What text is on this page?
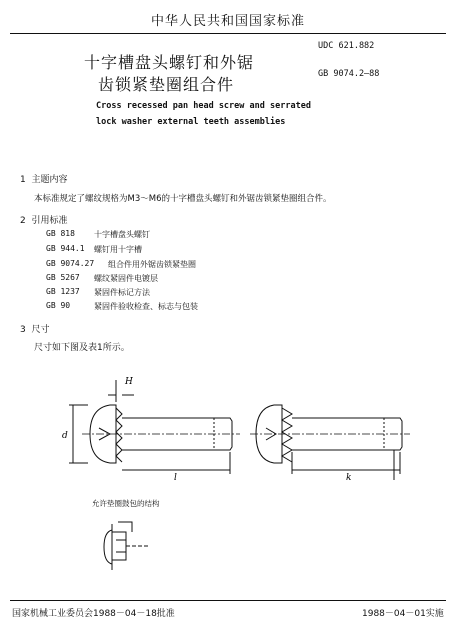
中华人民共和国国家标准
UDC 621.882
GB 9074.2—88
十字槽盘头螺钉和外锯
齿锁紧垫圈组合件
Cross recessed pan head screw and serrated
lock washer external teeth assemblies
1 主题内容
本标准规定了螺纹规格为M3～M6的十字槽盘头螺钉和外锯齿锁紧垫圈组合件。
2 引用标准
GB 818 十字槽盘头螺钉
GB 944.1 螺钉用十字槽
GB 9074.27 组合件用外锯齿锁紧垫圈
GB 5267 螺纹紧固件电镀层
GB 1237 紧固件标记方法
GB 90	紧固件验收检查、标志与包装
3 尺寸
尺寸如下图及表1所示。
H
d
l	k
允许垫圈鼓包的结构
国家机械工业委员会1988－04－18批准	1988－04－01实施
